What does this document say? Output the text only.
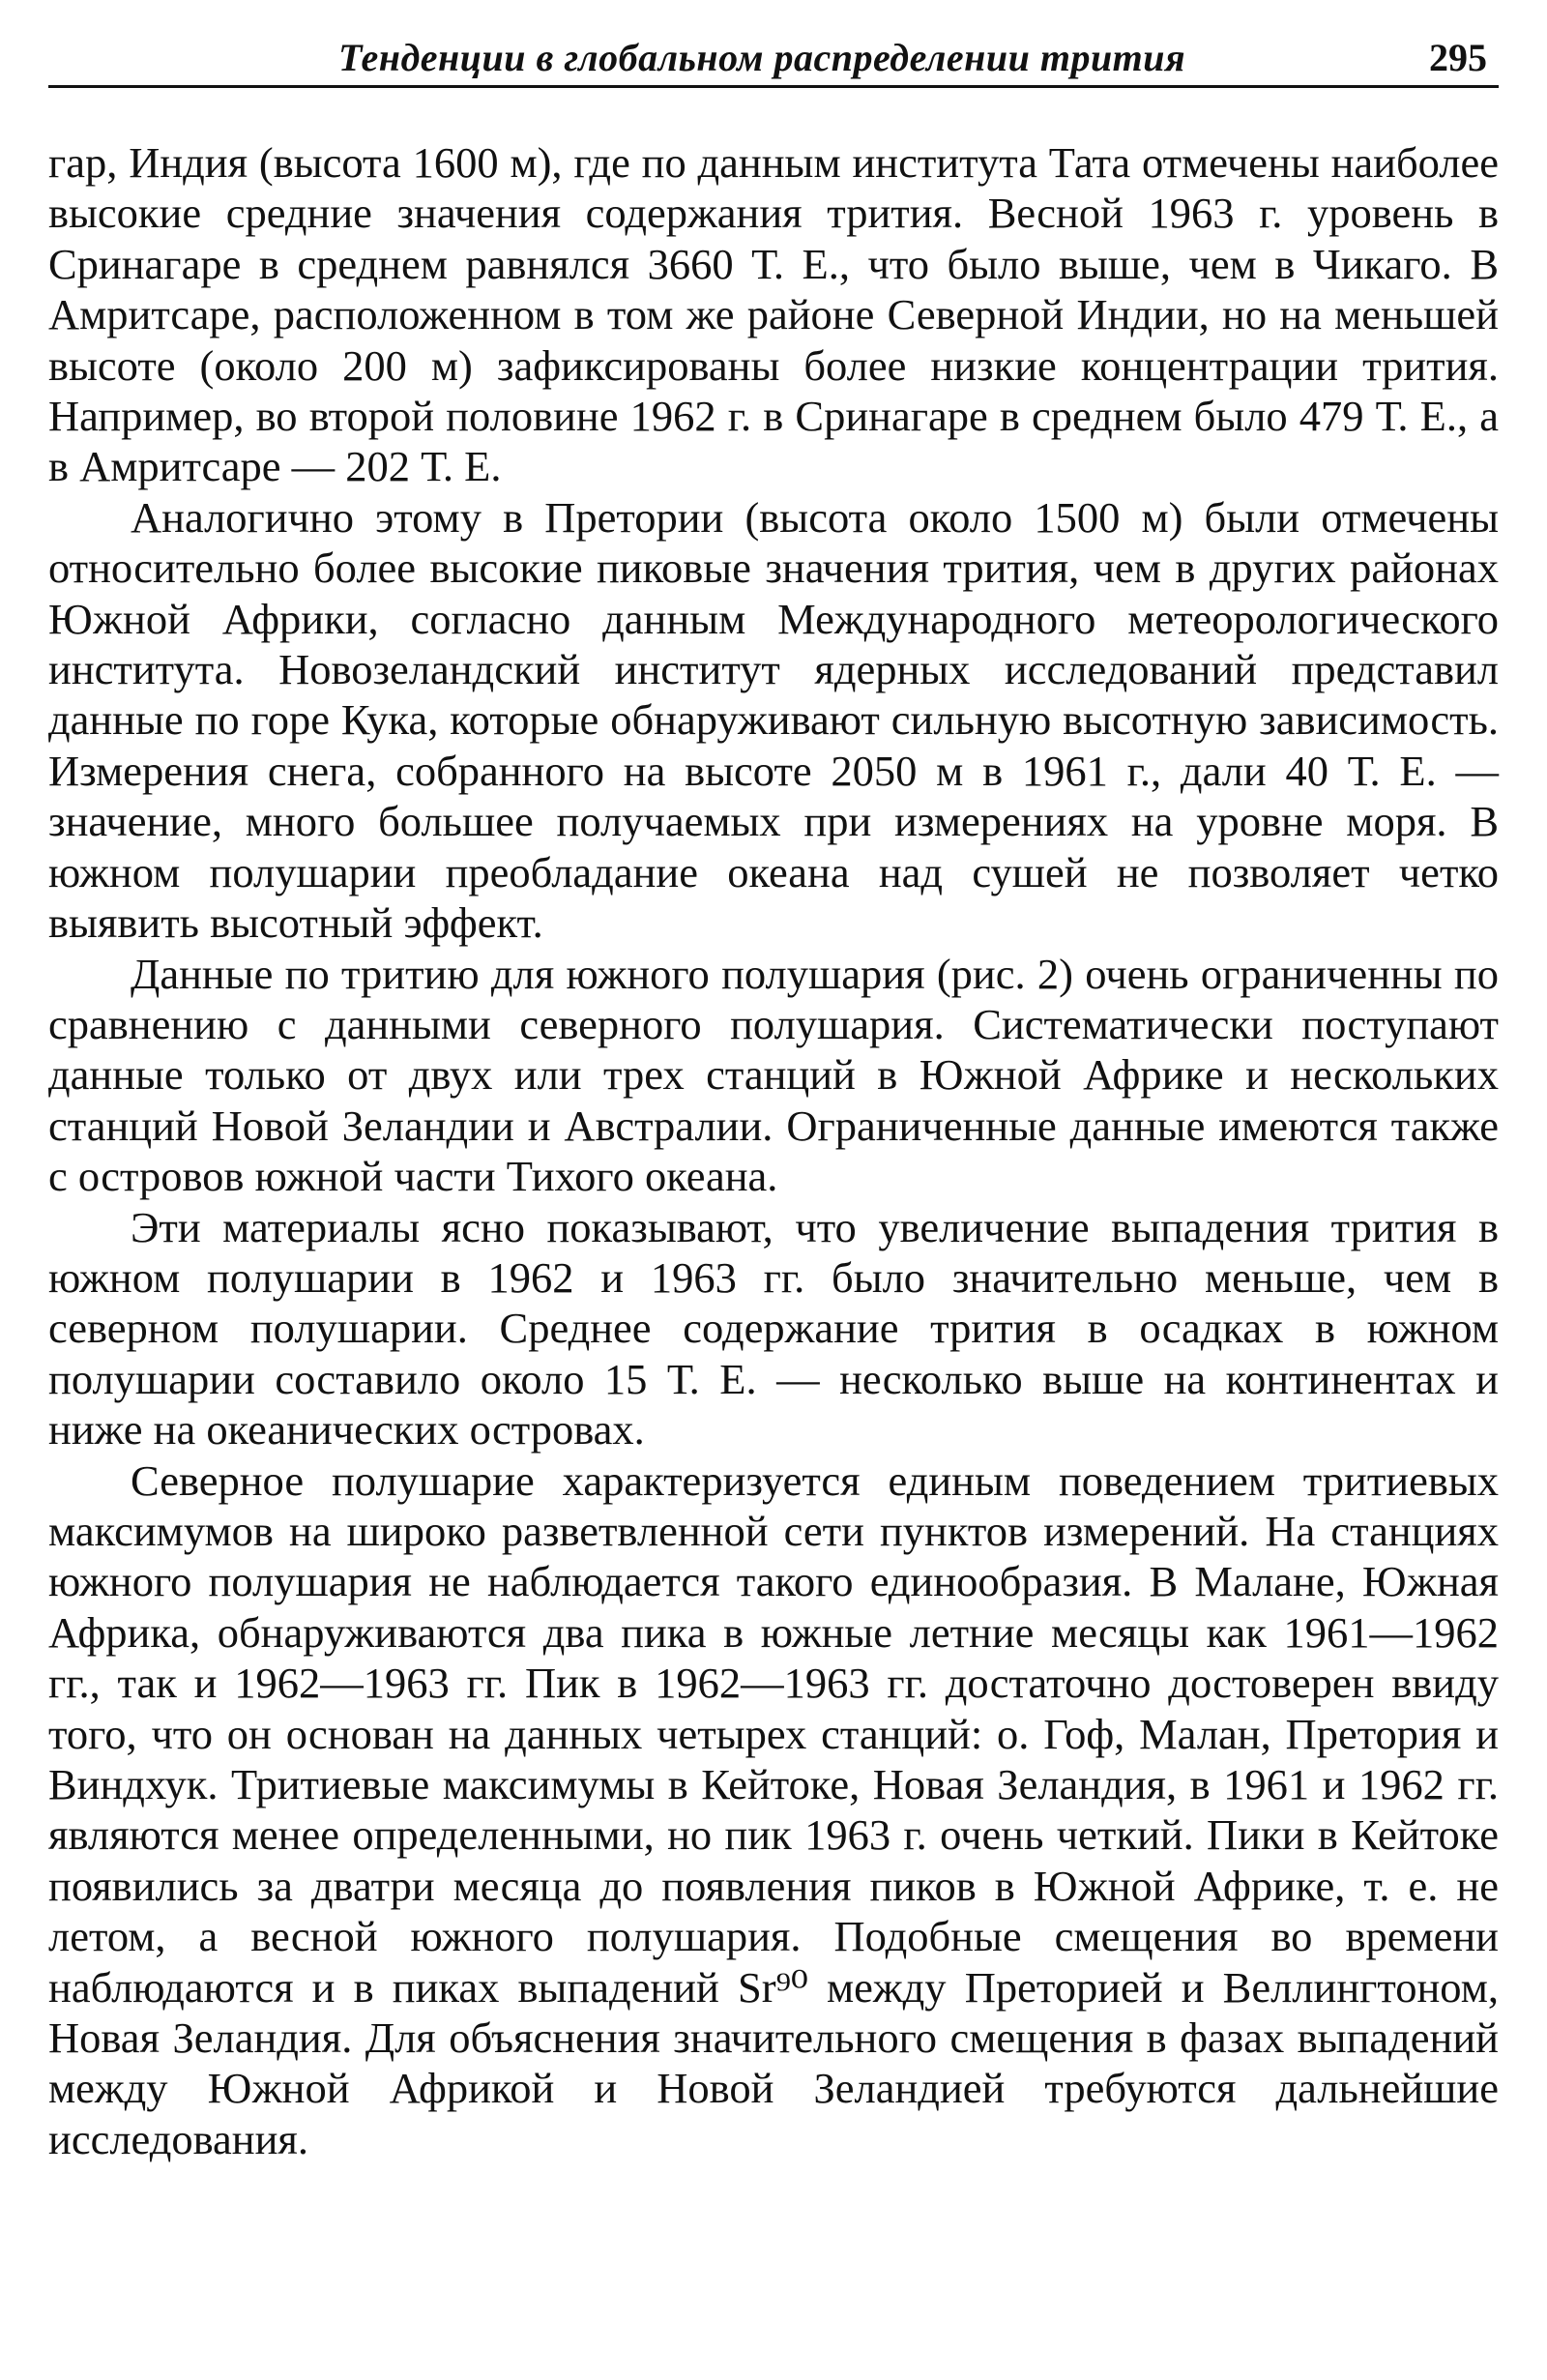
Тенденции в глобальном распределении трития	295

гар, Индия (высота 1600 м), где по данным института Тата отмечены наиболее высокие средние значения содержания трития. Весной 1963 г. уровень в Сринагаре в среднем равнялся 3660 Т. Е., что было выше, чем в Чикаго. В Амритсаре, расположенном в том же районе Северной Индии, но на меньшей высоте (около 200 м) зафиксированы более низкие концентрации трития. Например, во второй половине 1962 г. в Сринагаре в среднем было 479 Т. Е., а в Амритсаре — 202 Т. Е.

Аналогично этому в Претории (высота около 1500 м) были отмечены относительно более высокие пиковые значения трития, чем в других районах Южной Африки, согласно данным Международного метеорологического института. Новозеландский институт ядерных исследований представил данные по горе Кука, которые обнаруживают сильную высотную зависимость. Измерения снега, собранного на высоте 2050 м в 1961 г., дали 40 Т. Е. — значение, много большее получаемых при измерениях на уровне моря. В южном полушарии преобладание океана над сушей не позволяет четко выявить высотный эффект.

Данные по тритию для южного полушария (рис. 2) очень ограниченны по сравнению с данными северного полушария. Систематически поступают данные только от двух или трех станций в Южной Африке и нескольких станций Новой Зеландии и Австралии. Ограниченные данные имеются также с островов южной части Тихого океана.

Эти материалы ясно показывают, что увеличение выпадения трития в южном полушарии в 1962 и 1963 гг. было значительно меньше, чем в северном полушарии. Среднее содержание трития в осадках в южном полушарии составило около 15 Т. Е. — несколько выше на континентах и ниже на океанических островах.

Северное полушарие характеризуется единым поведением тритиевых максимумов на широко разветвленной сети пунктов измерений. На станциях южного полушария не наблюдается такого единообразия. В Малане, Южная Африка, обнаруживаются два пика в южные летние месяцы как 1961—1962 гг., так и 1962—1963 гг. Пик в 1962—1963 гг. достаточно достоверен ввиду того, что он основан на данных четырех станций: о. Гоф, Малан, Претория и Виндхук. Тритиевые максимумы в Кейтоке, Новая Зеландия, в 1961 и 1962 гг. являются менее определенными, но пик 1963 г. очень четкий. Пики в Кейтоке появились за дватри месяца до появления пиков в Южной Африке, т. е. не летом, а весной южного полушария. Подобные смещения во времени наблюдаются и в пиках выпадений Sr⁹⁰ между Преторией и Веллингтоном, Новая Зеландия. Для объяснения значительного смещения в фазах выпадений между Южной Африкой и Новой Зеландией требуются дальнейшие исследования.
